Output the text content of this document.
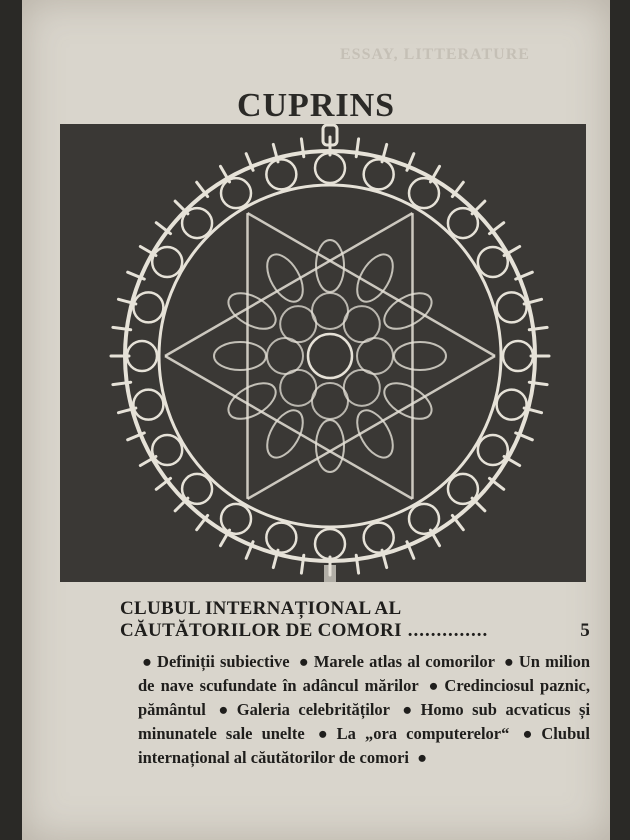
ESSAY, LITTERATURE
CUPRINS

CLUBUL INTERNAȚIONAL AL

CĂUTĂTORILOR DE COMORI ..............	5
● Definiții subiective ● Marele atlas al comorilor ● Un milion de nave scufundate în adâncul mărilor ● Credinciosul paznic, pământul ● Galeria celebrităților ● Homo sub acvaticus și minunatele sale unelte ● La „ora computerelor“ ● Clubul internațional al căutătorilor de comori ●
